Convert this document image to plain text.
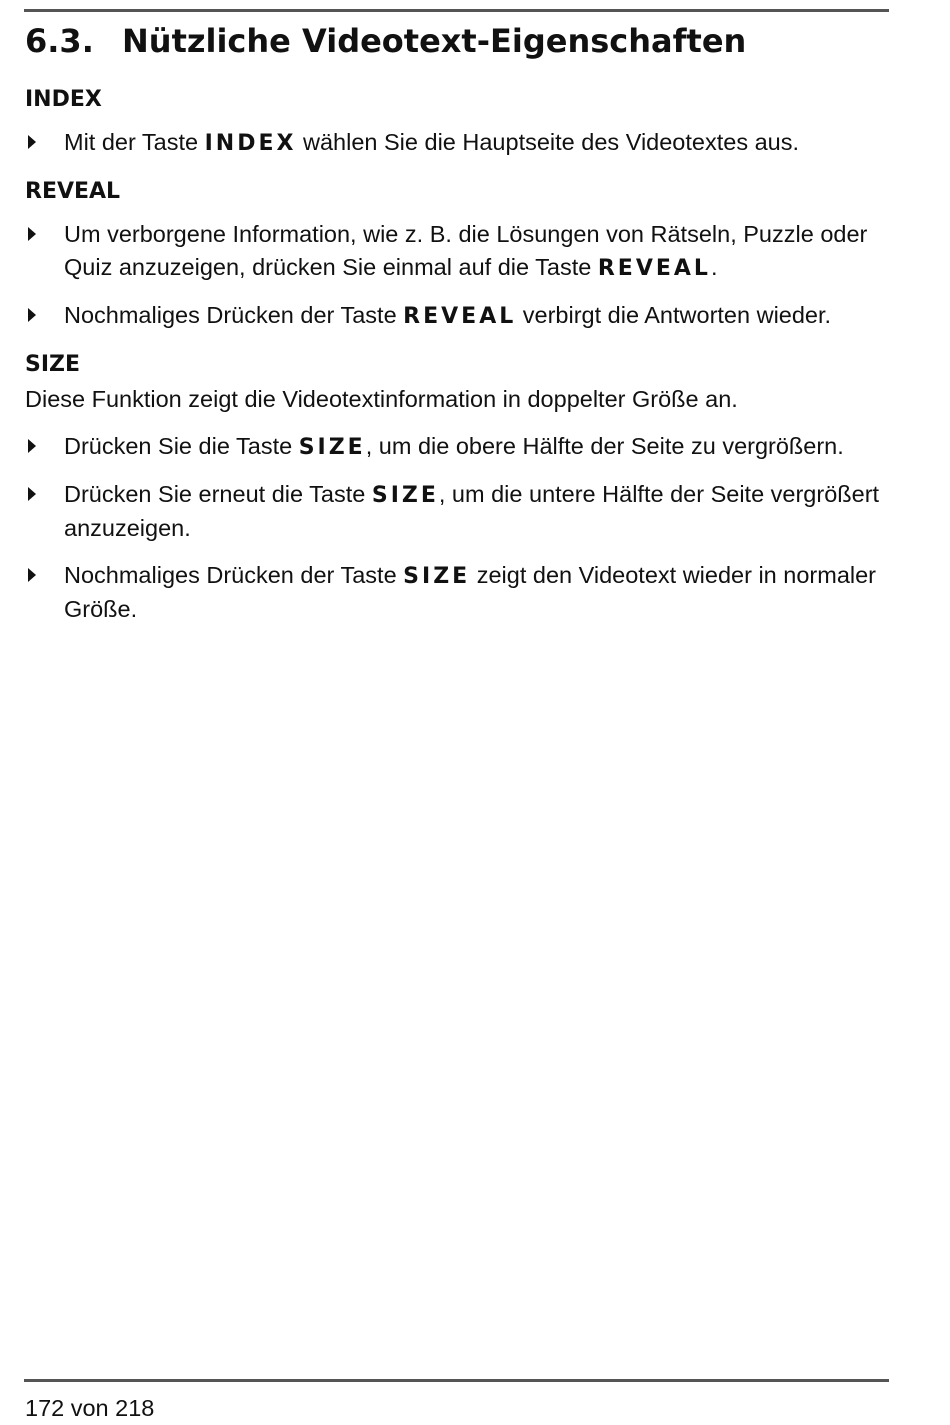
6.3. Nützliche Videotext-Eigenschaften
INDEX
Mit der Taste INDEX wählen Sie die Hauptseite des Videotextes aus.
REVEAL
Um verborgene Information, wie z. B. die Lösungen von Rätseln, Puzzle oder Quiz anzuzeigen, drücken Sie einmal auf die Taste REVEAL.
Nochmaliges Drücken der Taste REVEAL verbirgt die Antworten wieder.
SIZE
Diese Funktion zeigt die Videotextinformation in doppelter Größe an.
Drücken Sie die Taste SIZE, um die obere Hälfte der Seite zu vergrößern.
Drücken Sie erneut die Taste SIZE, um die untere Hälfte der Seite vergrößert anzuzeigen.
Nochmaliges Drücken der Taste SIZE zeigt den Videotext wieder in normaler Größe.
172 von 218
